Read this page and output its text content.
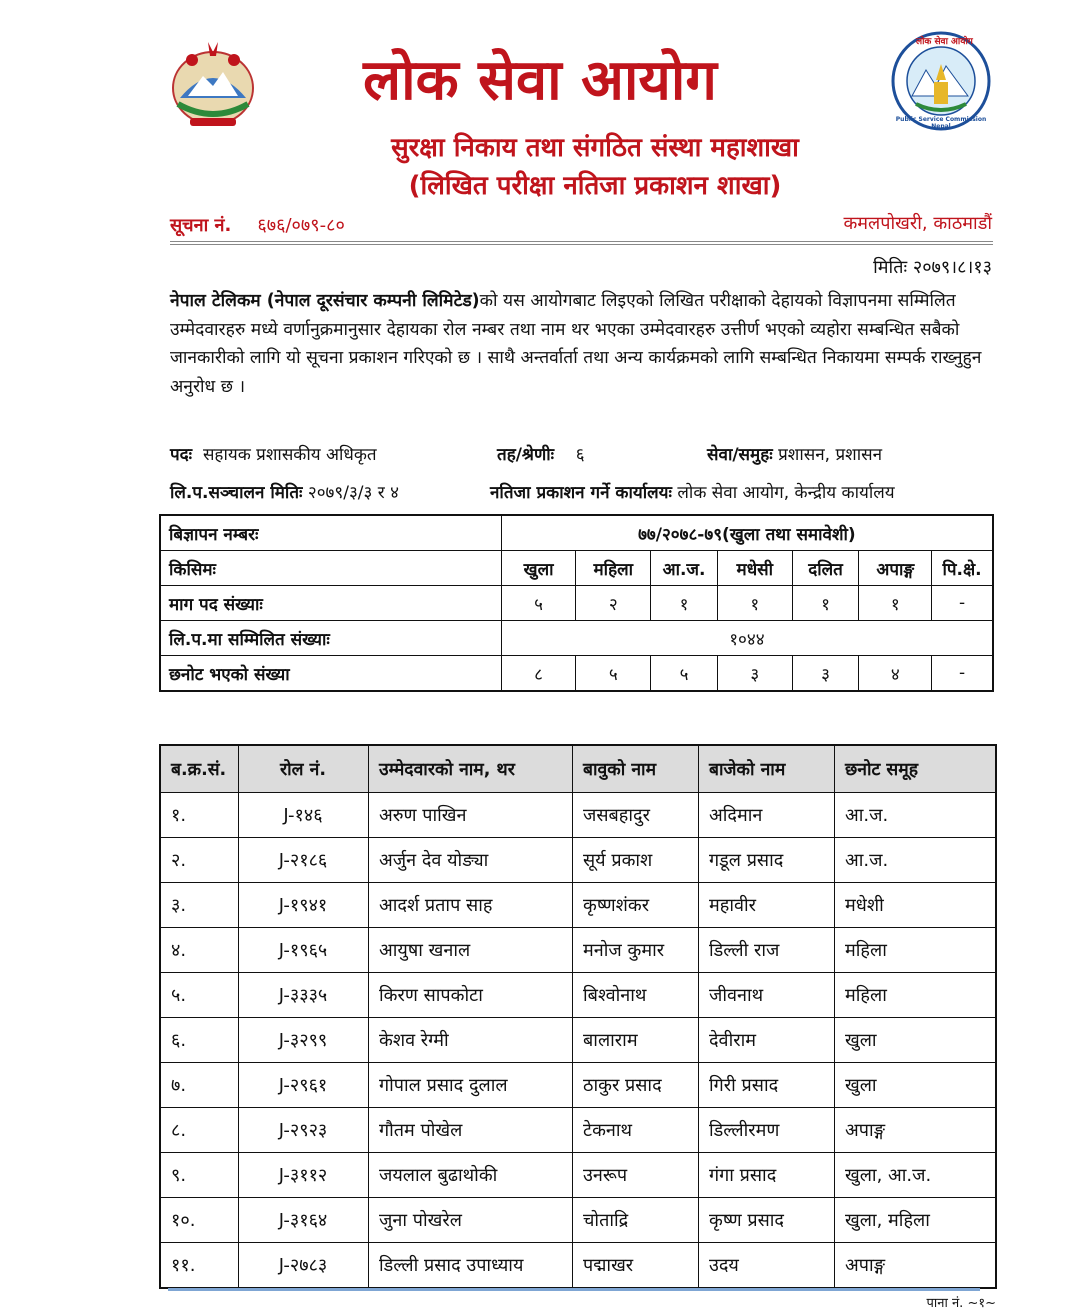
लोक सेवा आयोग
Public Service Commission Nepal
लोक सेवा आयोग
सुरक्षा निकाय तथा संगठित संस्था महाशाखा
(लिखित परीक्षा नतिजा प्रकाशन शाखा)
सूचना नं. ६७६/०७९-८०	कमलपोखरी, काठमाडौं
मितिः २०७९।८।१३
नेपाल टेलिकम (नेपाल दूरसंचार कम्पनी लिमिटेड)को यस आयोगबाट लिइएको लिखित परीक्षाको देहायको विज्ञापनमा सम्मिलित उम्मेदवारहरु मध्ये वर्णानुक्रमानुसार देहायका रोल नम्बर तथा नाम थर भएका उम्मेदवारहरु उत्तीर्ण भएको व्यहोरा सम्बन्धित सबैको जानकारीको लागि यो सूचना प्रकाशन गरिएको छ । साथै अन्तर्वार्ता तथा अन्य कार्यक्रमको लागि सम्बन्धित निकायमा सम्पर्क राख्नुहुन अनुरोध छ ।
पदः सहायक प्रशासकीय अधिकृत	तह/श्रेणीः ६	सेवा/समुहः प्रशासन, प्रशासन
लि.प.सञ्चालन मितिः २०७९/३/३ र ४	नतिजा प्रकाशन गर्ने कार्यालयः लोक सेवा आयोग, केन्द्रीय कार्यालय
बिज्ञापन नम्बरः	७७/२०७८-७९(खुला तथा समावेशी)						
किसिमः	खुला	महिला	आ.ज.	मधेसी	दलित	अपाङ्ग	पि.क्षे.
माग पद संख्याः	५	२	१	१	१	१	-
लि.प.मा सम्मिलित संख्याः	१०४४						
छनोट भएको संख्या	८	५	५	३	३	४	-
ब.क्र.सं.	रोल नं.	उम्मेदवारको नाम, थर	बावुको नाम	बाजेको नाम	छनोट समूह
१.	J-१४६	अरुण पाखिन	जसबहादुर	अदिमान	आ.ज.
२.	J-२१८६	अर्जुन देव योङ्या	सूर्य प्रकाश	गडूल प्रसाद	आ.ज.
३.	J-१९४१	आदर्श प्रताप साह	कृष्णशंकर	महावीर	मधेशी
४.	J-१९६५	आयुषा खनाल	मनोज कुमार	डिल्ली राज	महिला
५.	J-३३३५	किरण सापकोटा	बिश्वोनाथ	जीवनाथ	महिला
६.	J-३२९९	केशव रेग्मी	बालाराम	देवीराम	खुला
७.	J-२९६१	गोपाल प्रसाद दुलाल	ठाकुर प्रसाद	गिरी प्रसाद	खुला
८.	J-२९२३	गौतम पोखेल	टेकनाथ	डिल्लीरमण	अपाङ्ग
९.	J-३११२	जयलाल बुढाथोकी	उनरूप	गंगा प्रसाद	खुला, आ.ज.
१०.	J-३१६४	जुना पोखरेल	चोताद्रि	कृष्ण प्रसाद	खुला, महिला
११.	J-२७८३	डिल्ली प्रसाद उपाध्याय	पद्माखर	उदय	अपाङ्ग
पाना नं. ~१~
